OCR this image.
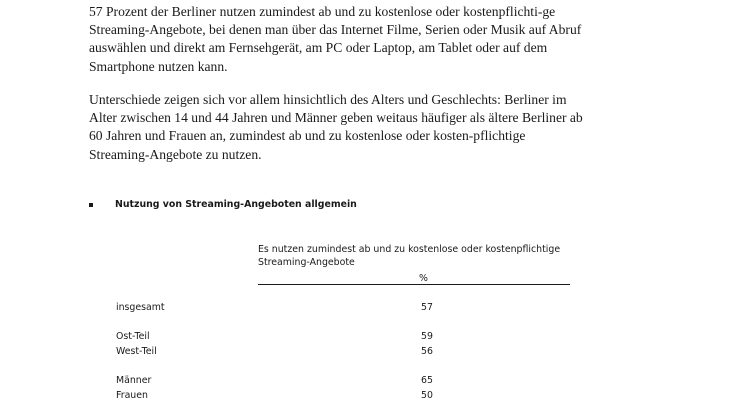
57 Prozent der Berliner nutzen zumindest ab und zu kostenlose oder kostenpflichti-ge Streaming-Angebote, bei denen man über das Internet Filme, Serien oder Musik auf Abruf auswählen und direkt am Fernsehgerät, am PC oder Laptop, am Tablet oder auf dem Smartphone nutzen kann.

Unterschiede zeigen sich vor allem hinsichtlich des Alters und Geschlechts: Berliner im Alter zwischen 14 und 44 Jahren und Männer geben weitaus häufiger als ältere Berliner ab 60 Jahren und Frauen an, zumindest ab und zu kostenlose oder kosten-pflichtige Streaming-Angebote zu nutzen.

Nutzung von Streaming-Angeboten allgemein
Es nutzen zumindest ab und zu kostenlose oder kostenpflichtige Streaming-Angebote
%
insgesamt	57
Ost-Teil	59
West-Teil	56
Männer	65
Frauen	50
